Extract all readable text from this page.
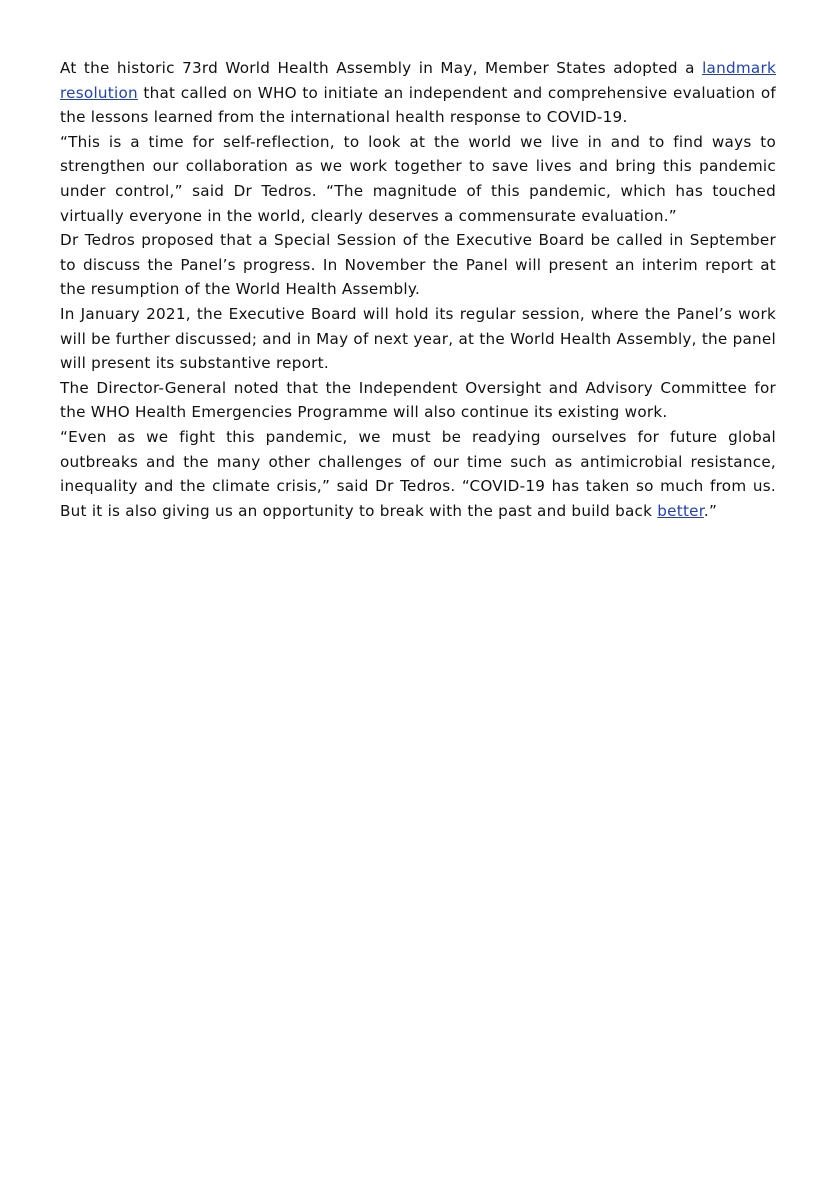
At the historic 73rd World Health Assembly in May, Member States adopted a landmark resolution that called on WHO to initiate an independent and comprehensive evaluation of the lessons learned from the international health response to COVID-19.

“This is a time for self-reflection, to look at the world we live in and to find ways to strengthen our collaboration as we work together to save lives and bring this pandemic under control,” said Dr Tedros. “The magnitude of this pandemic, which has touched virtually everyone in the world, clearly deserves a commensurate evaluation.”

Dr Tedros proposed that a Special Session of the Executive Board be called in September to discuss the Panel’s progress. In November the Panel will present an interim report at the resumption of the World Health Assembly.

In January 2021, the Executive Board will hold its regular session, where the Panel’s work will be further discussed; and in May of next year, at the World Health Assembly, the panel will present its substantive report.

The Director-General noted that the Independent Oversight and Advisory Committee for the WHO Health Emergencies Programme will also continue its existing work.

“Even as we fight this pandemic, we must be readying ourselves for future global outbreaks and the many other challenges of our time such as antimicrobial resistance, inequality and the climate crisis,” said Dr Tedros. “COVID-19 has taken so much from us. But it is also giving us an opportunity to break with the past and build back better.”
